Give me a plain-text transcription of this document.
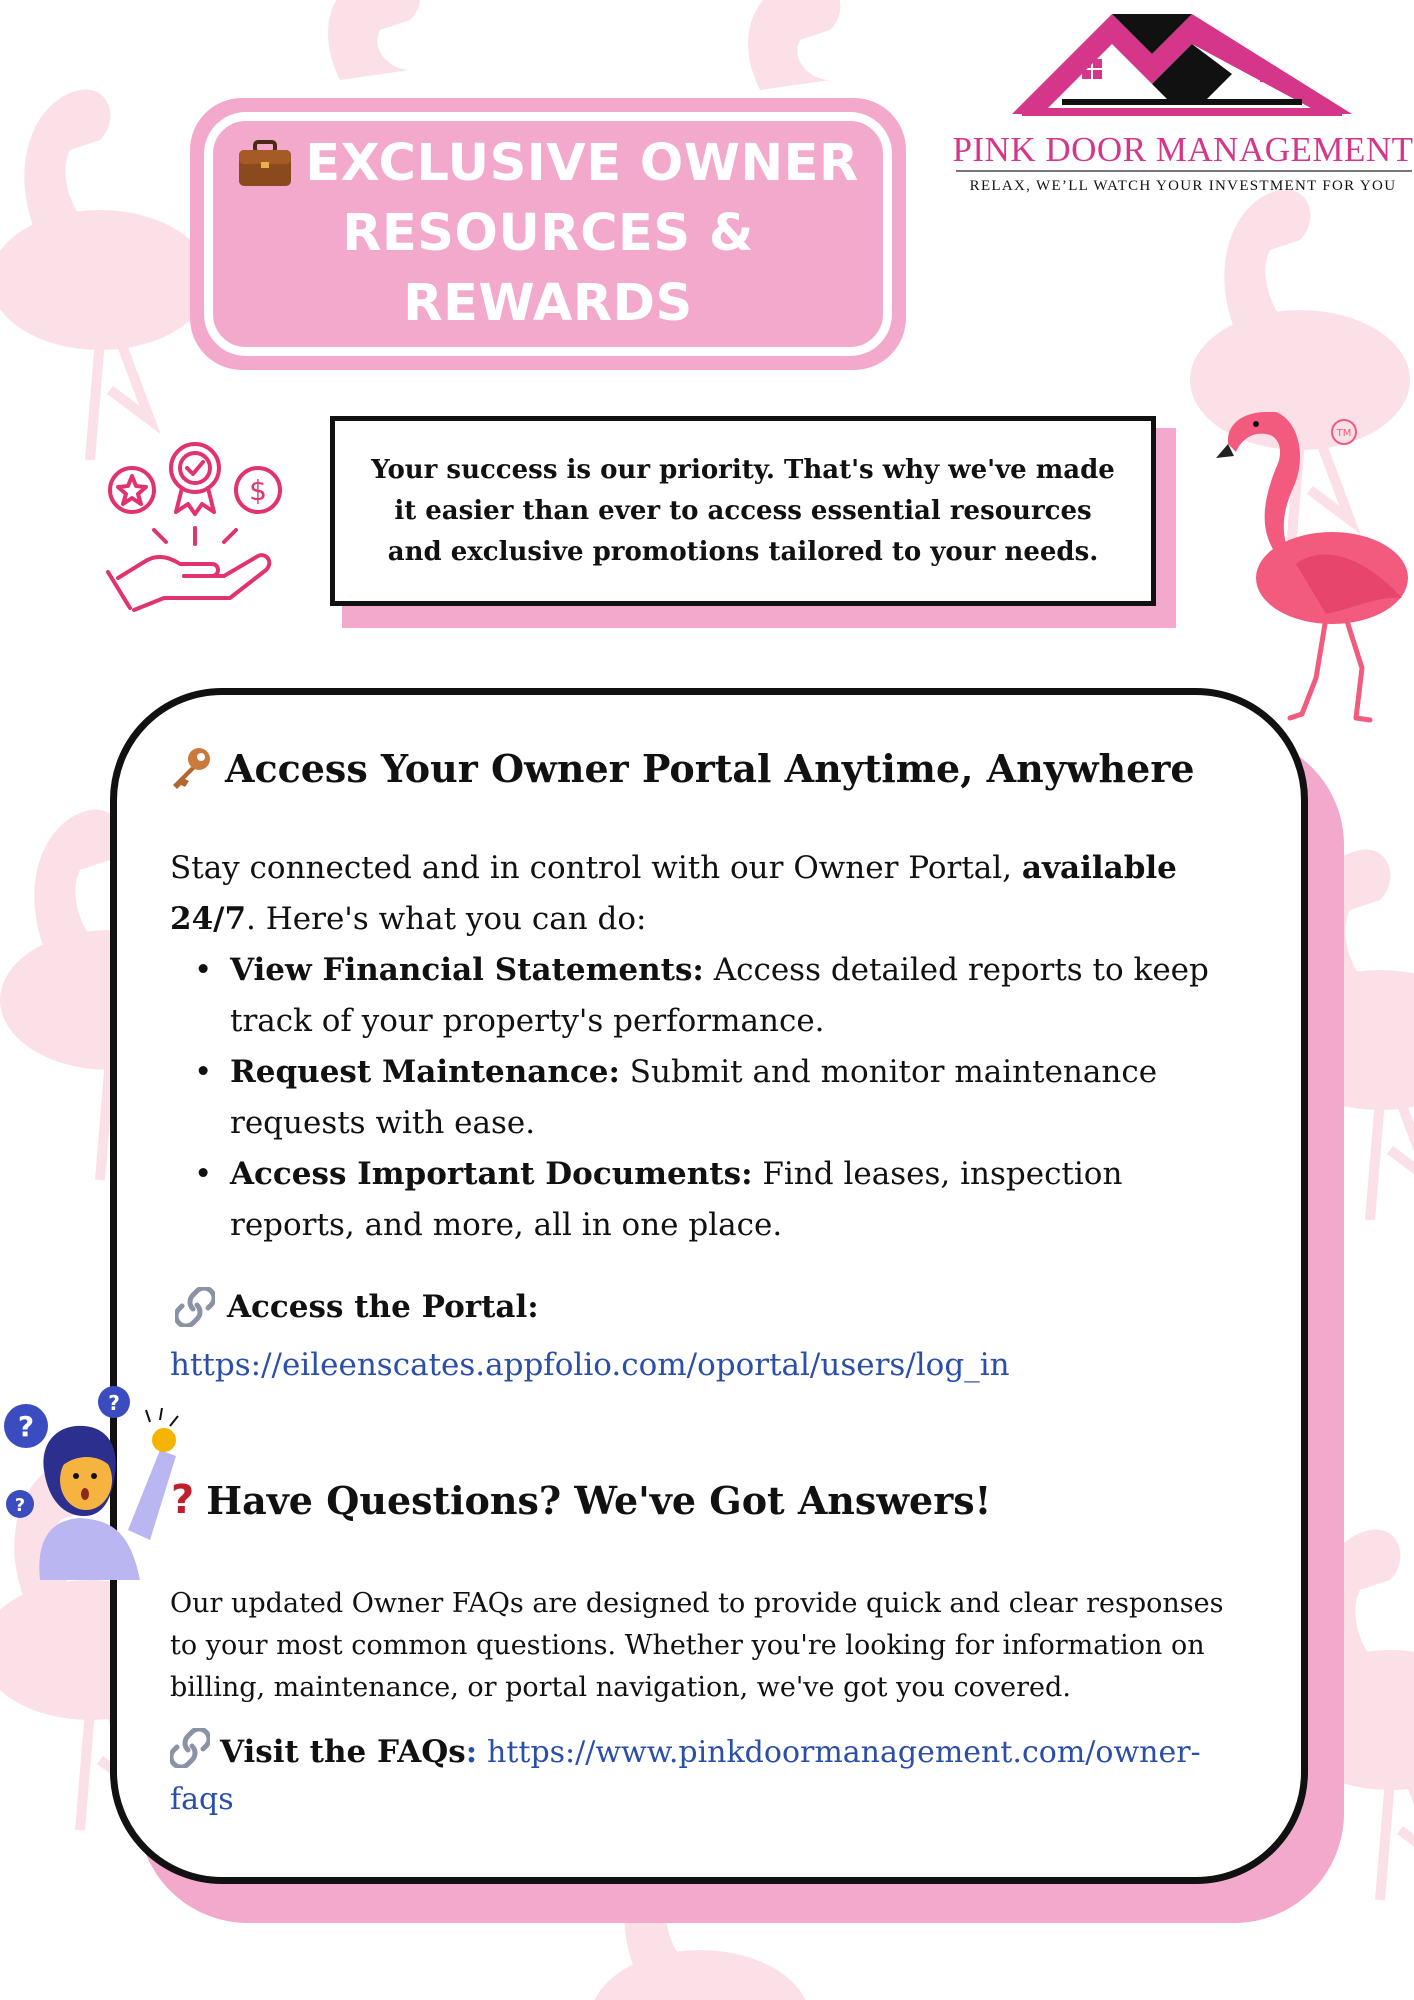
EXCLUSIVE OWNER
RESOURCES & REWARDS
PINK DOOR MANAGEMENT
RELAX, WE’LL WATCH YOUR INVESTMENT FOR YOU
TM
$
Your success is our priority. That's why we've made it easier than ever to access essential resources and exclusive promotions tailored to your needs.
Access Your Owner Portal Anytime, Anywhere
Stay connected and in control with our Owner Portal, available 24/7. Here's what you can do:
• View Financial Statements: Access detailed reports to keep track of your property's performance.
• Request Maintenance: Submit and monitor maintenance requests with ease.
• Access Important Documents: Find leases, inspection reports, and more, all in one place.
Access the Portal:
https://eileenscates.appfolio.com/oportal/users/log_in
? Have Questions? We've Got Answers!
Our updated Owner FAQs are designed to provide quick and clear responses to your most common questions. Whether you're looking for information on billing, maintenance, or portal navigation, we've got you covered.
Visit the FAQs: https://www.pinkdoormanagement.com/owner-faqs
?
?
?
